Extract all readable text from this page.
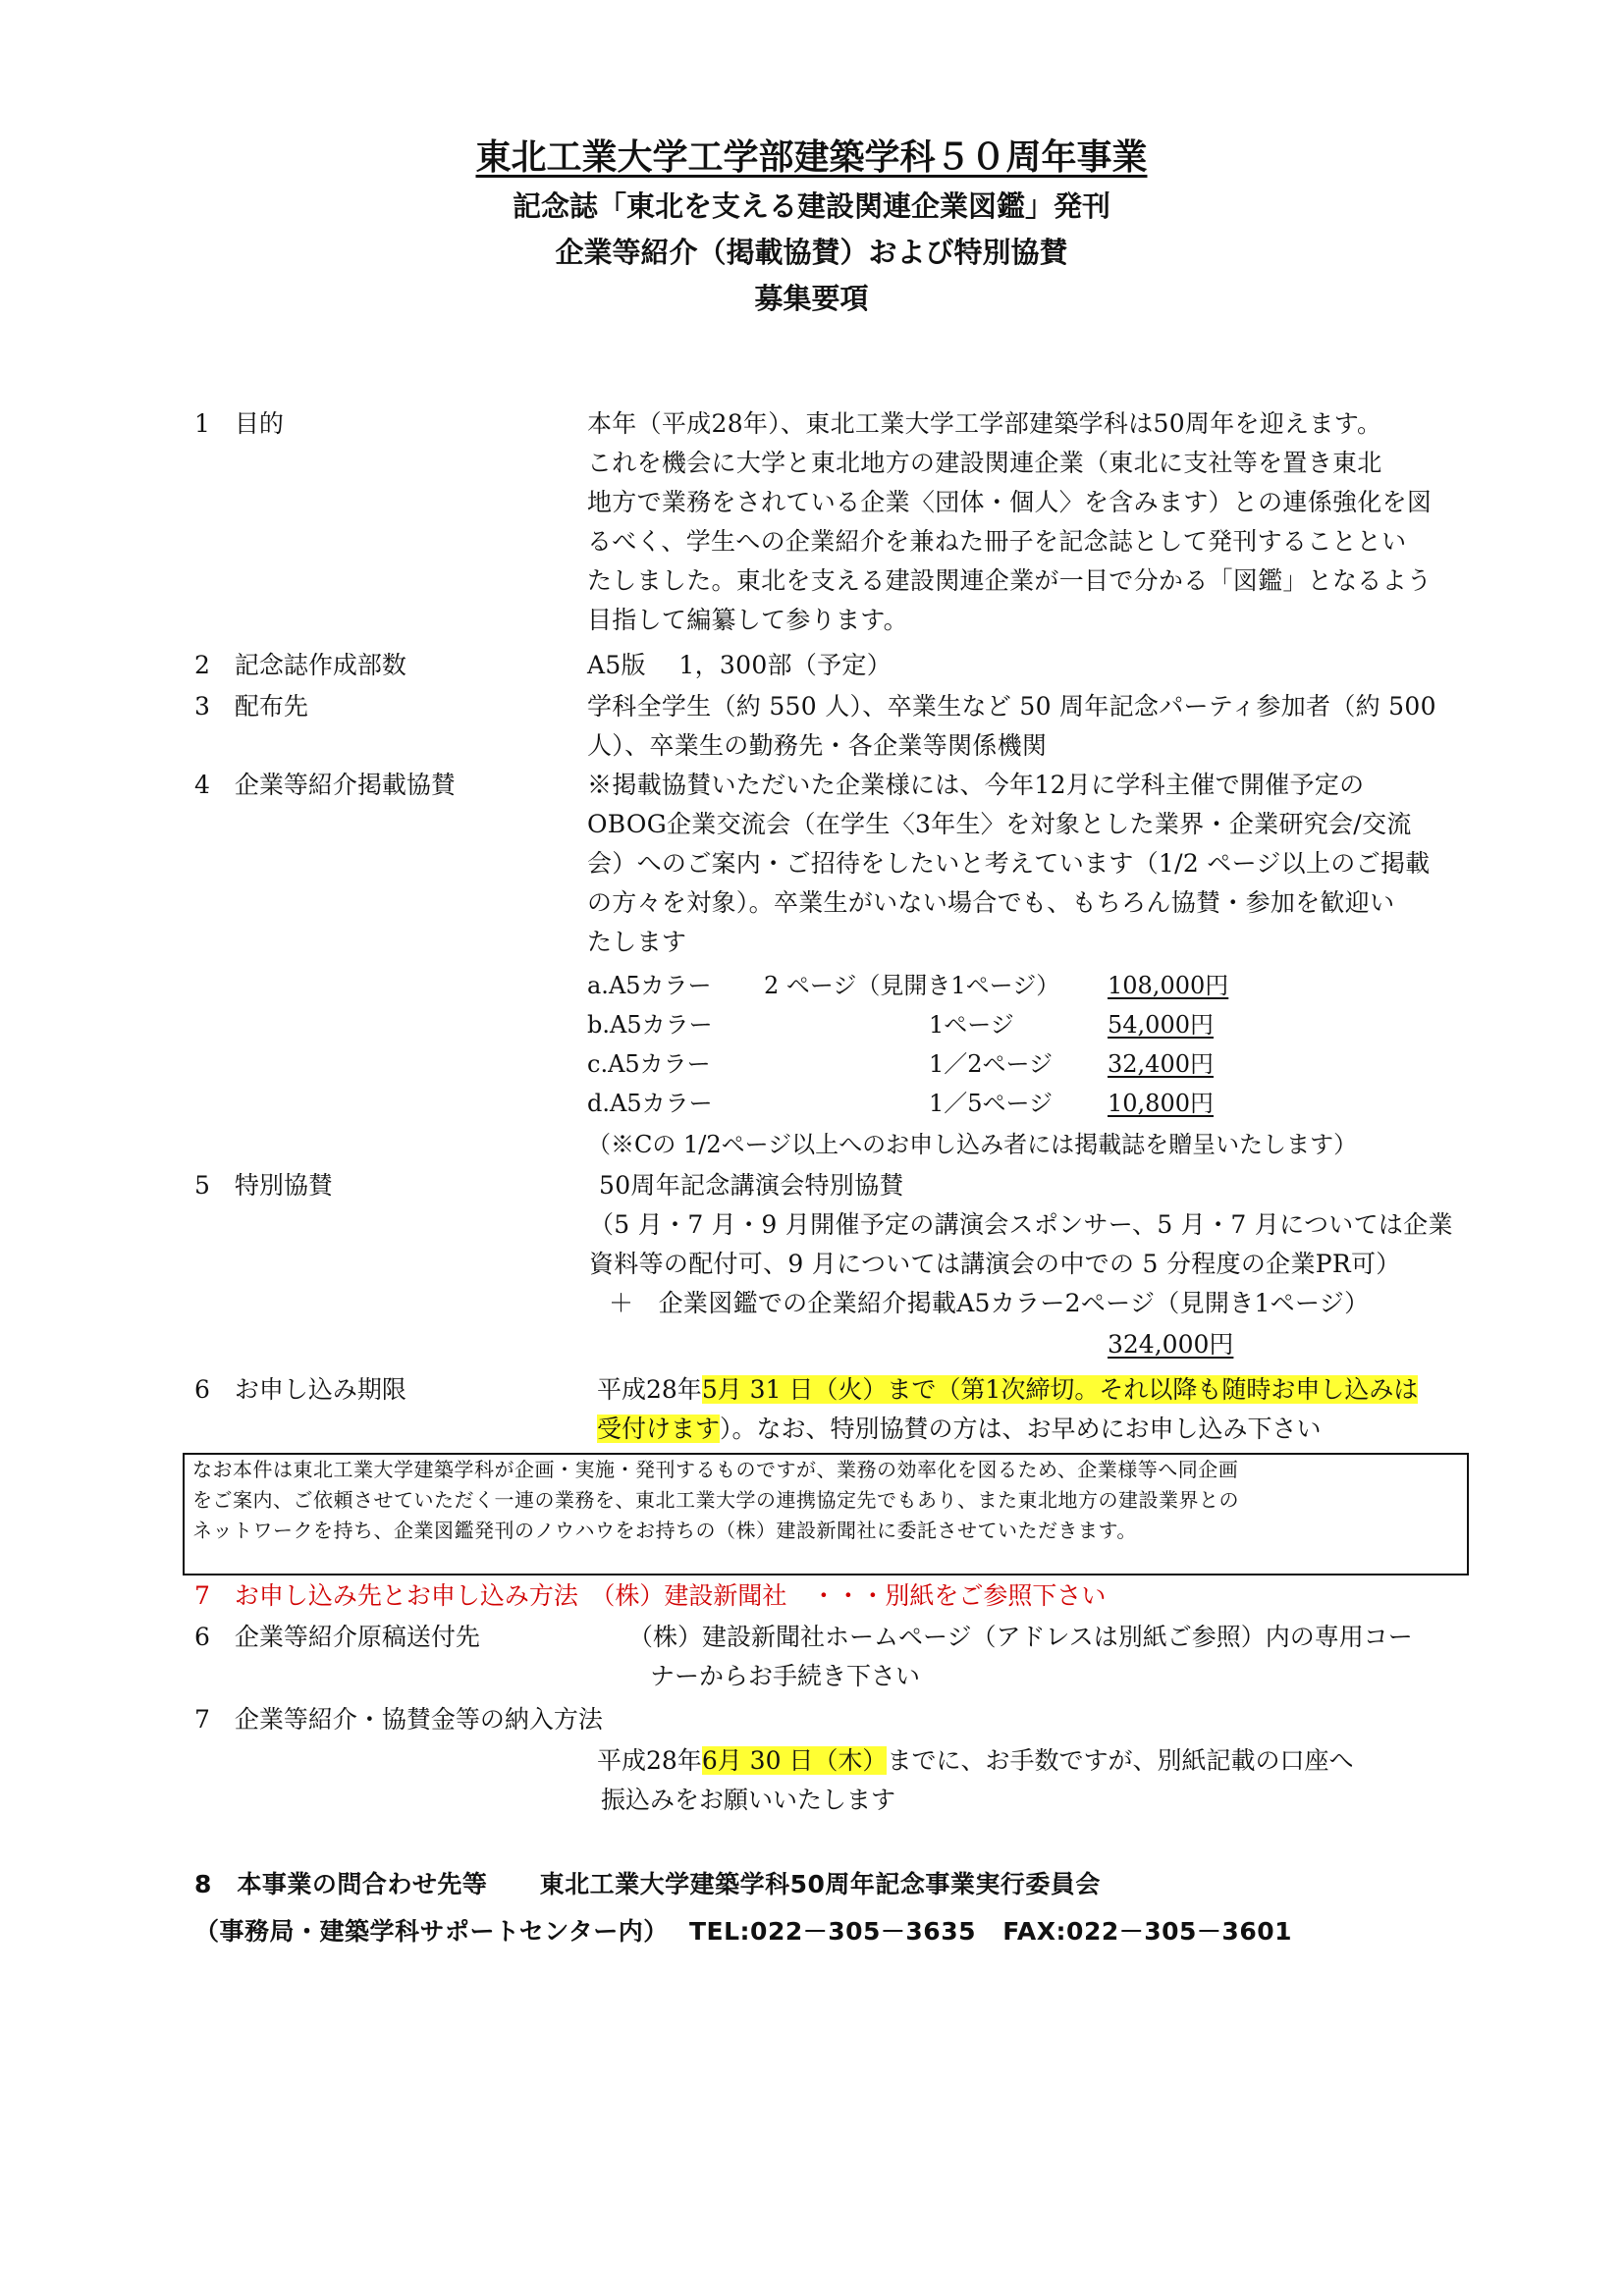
東北工業大学工学部建築学科５０周年事業
記念誌「東北を支える建設関連企業図鑑」発刊
企業等紹介（掲載協賛）および特別協賛
募集要項
1　目的	本年（平成28年）、東北工業大学工学部建築学科は50周年を迎えます。
これを機会に大学と東北地方の建設関連企業（東北に支社等を置き東北
地方で業務をされている企業〈団体・個人〉を含みます）との連係強化を図
るべく、学生への企業紹介を兼ねた冊子を記念誌として発刊することとい
たしました。東北を支える建設関連企業が一目で分かる「図鑑」となるよう
目指して編纂して参ります。
2　記念誌作成部数	A5版　 1，300部（予定）
3　配布先	学科全学生（約 550 人）、卒業生など 50 周年記念パーティ参加者（約 500
人）、卒業生の勤務先・各企業等関係機関
4　企業等紹介掲載協賛	※掲載協賛いただいた企業様には、今年12月に学科主催で開催予定の
OBOG企業交流会（在学生〈3年生〉を対象とした業界・企業研究会/交流
会）へのご案内・ご招待をしたいと考えています（1/2 ページ以上のご掲載
の方々を対象）。卒業生がいない場合でも、もちろん協賛・参加を歓迎い
たします
a.A5カラー 2 ページ（見開き1ページ） 108,000円
b.A5カラー	1ページ	54,000円
c.A5カラー	1／2ページ 32,400円
d.A5カラー	1／5ページ 10,800円
（※Cの 1/2ページ以上へのお申し込み者には掲載誌を贈呈いたします）
5　特別協賛	50周年記念講演会特別協賛
（5 月・7 月・9 月開催予定の講演会スポンサー、5 月・7 月については企業
資料等の配付可、9 月については講演会の中での 5 分程度の企業PR可）
＋　企業図鑑での企業紹介掲載A5カラー2ページ（見開き1ページ）
324,000円
6　お申し込み期限	平成28年5月 31 日（火）まで（第1次締切。それ以降も随時お申し込みは
受付けます）。なお、特別協賛の方は、お早めにお申し込み下さい
なお本件は東北工業大学建築学科が企画・実施・発刊するものですが、業務の効率化を図るため、企業様等へ同企画
をご案内、ご依頼させていただく一連の業務を、東北工業大学の連携協定先でもあり、また東北地方の建設業界との
ネットワークを持ち、企業図鑑発刊のノウハウをお持ちの（株）建設新聞社に委託させていただきます。
7　お申し込み先とお申し込み方法　（株）建設新聞社　・・・別紙をご参照下さい
6　企業等紹介原稿送付先	（株）建設新聞社ホームページ（アドレスは別紙ご参照）内の専用コー
ナーからお手続き下さい
7　企業等紹介・協賛金等の納入方法
平成28年6月 30 日（木）までに、お手数ですが、別紙記載の口座へ
振込みをお願いいたします
8　本事業の問合わせ先等 東北工業大学建築学科50周年記念事業実行委員会
（事務局・建築学科サポートセンター内） TEL:022－305－3635 FAX:022－305－3601
